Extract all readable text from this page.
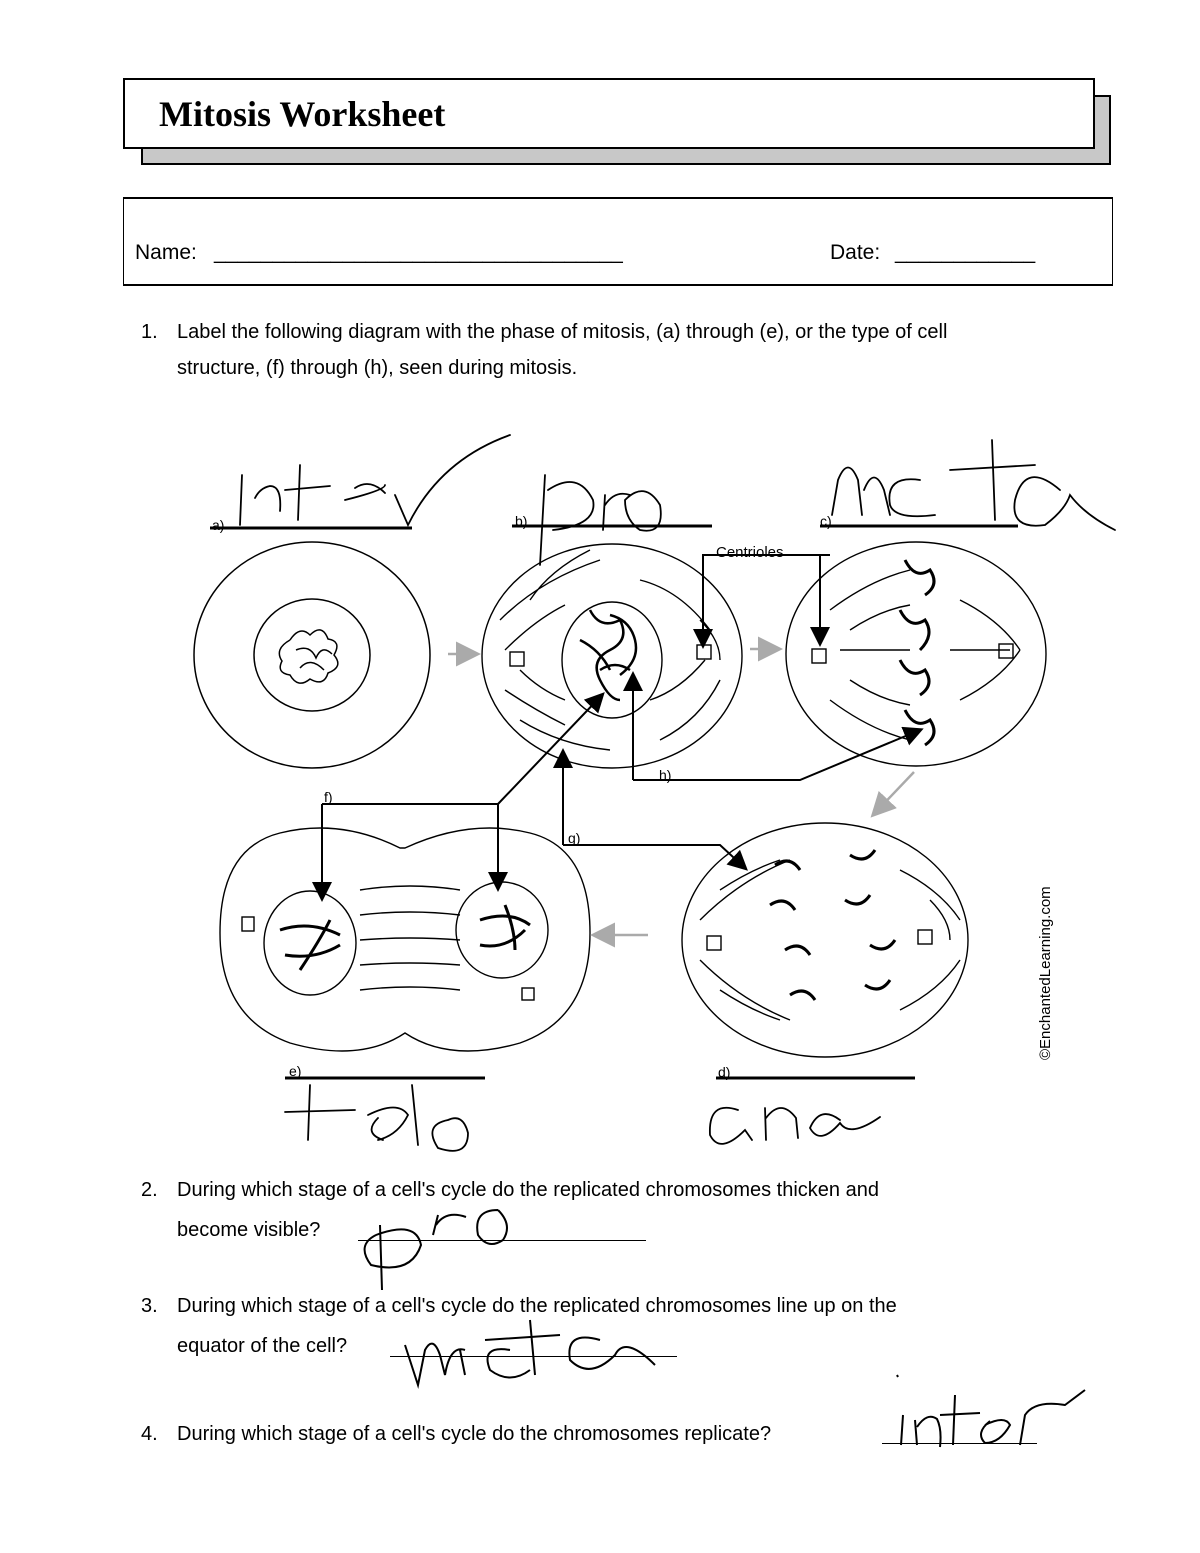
Mitosis Worksheet
Name: ___________________________________	Date: ____________
1. Label the following diagram with the phase of mitosis, (a) through (e), or the type of cell
structure, (f) through (h), seen during mitosis.
a)	b)	c)
d)
e)
f)
g)
h)
Centrioles
©EnchantedLearning.com
2. During which stage of a cell's cycle do the replicated chromosomes thicken and
become visible?
3. During which stage of a cell's cycle do the replicated chromosomes line up on the
equator of the cell?
4. During which stage of a cell's cycle do the chromosomes replicate?
